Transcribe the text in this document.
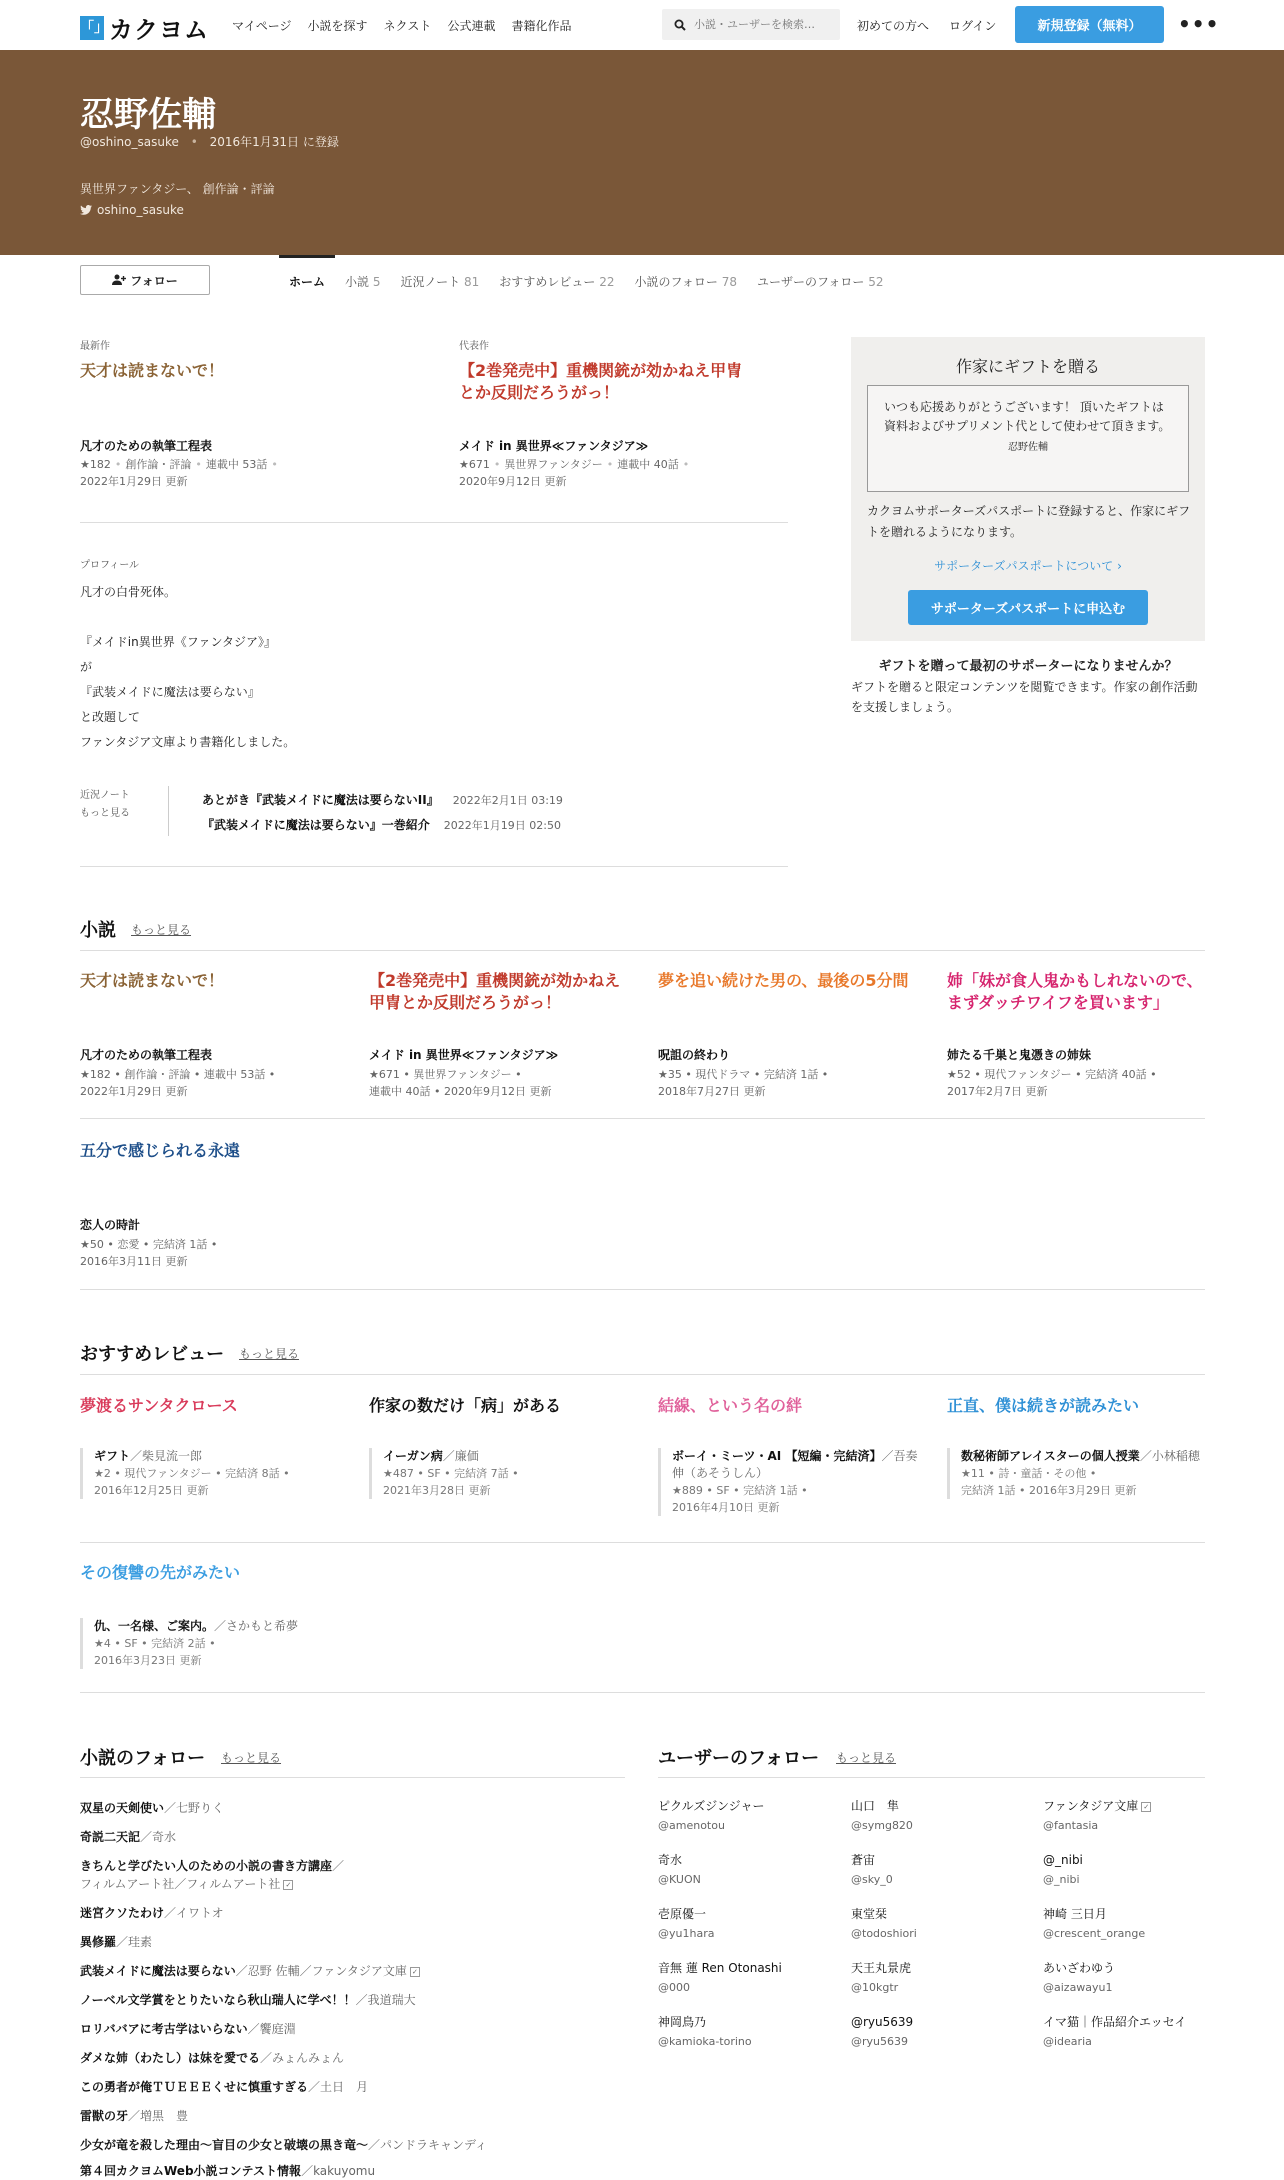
「」 カクヨム マイページ 小説を探す ネクスト 公式連載 書籍化作品
小説・ユーザーを検索…	初めての方へ ログイン	新規登録（無料）	•••
忍野佐輔
@oshino_sasuke • 2016年1月31日 に登録
異世界ファンタジー、 創作論・評論
oshino_sasuke
フォロー	ホーム	小説 5	近況ノート 81	おすすめレビュー 22	小説のフォロー 78	ユーザーのフォロー 52
最新作
天才は読まないで！
凡才のための執筆工程表
★182 • 創作論・評論 • 連載中 53話 •
2022年1月29日 更新
代表作
【2巻発売中】重機関銃が効かねえ甲冑
とか反則だろうがっ！
メイド in 異世界≪ファンタジア≫
★671 • 異世界ファンタジー • 連載中 40話 •
2020年9月12日 更新
プロフィール
凡才の白骨死体。
『メイドin異世界《ファンタジア》』
が
『武装メイドに魔法は要らない』
と改題して
ファンタジア文庫より書籍化しました。
近況ノート
もっと見る
あとがき『武装メイドに魔法は要らないII』 2022年2月1日 03:19
『武装メイドに魔法は要らない』一巻紹介 2022年1月19日 02:50
作家にギフトを贈る
いつも応援ありがとうございます！ 頂いたギフトは資料およびサプリメント代として使わせて頂きます。
忍野佐輔
カクヨムサポーターズパスポートに登録すると、作家にギフトを贈れるようになります。
サポーターズパスポートについて ›
サポーターズパスポートに申込む
ギフトを贈って最初のサポーターになりませんか？
ギフトを贈ると限定コンテンツを閲覧できます。作家の創作活動を支援しましょう。
小説 もっと見る
天才は読まないで！
凡才のための執筆工程表
★182 • 創作論・評論 • 連載中 53話 •
2022年1月29日 更新
【2巻発売中】重機関銃が効かねえ甲冑とか反則だろうがっ！
メイド in 異世界≪ファンタジア≫
★671 • 異世界ファンタジー •
連載中 40話 • 2020年9月12日 更新
夢を追い続けた男の、最後の5分間
呪詛の終わり
★35 • 現代ドラマ • 完結済 1話 •
2018年7月27日 更新
姉「妹が食人鬼かもしれないので、まずダッチワイフを買います」
姉たる千巣と鬼憑きの姉妹
★52 • 現代ファンタジー • 完結済 40話 •
2017年2月7日 更新
五分で感じられる永遠
恋人の時計
★50 • 恋愛 • 完結済 1話 •
2016年3月11日 更新
おすすめレビュー もっと見る
夢渡るサンタクロース
ギフト／柴見流一郎
★2 • 現代ファンタジー • 完結済 8話 •
2016年12月25日 更新
作家の数だけ「病」がある
イーガン病／廉価
★487 • SF • 完結済 7話 •
2021年3月28日 更新
結線、という名の絆
ボーイ・ミーツ・AI 【短編・完結済】／吾奏伸（あそうしん）
★889 • SF • 完結済 1話 •
2016年4月10日 更新
正直、僕は続きが読みたい
数秘術師アレイスターの個人授業／小林稲穂
★11 • 詩・童話・その他 •
完結済 1話 • 2016年3月29日 更新
その復讐の先がみたい
仇、一名様、ご案内。／さかもと希夢
★4 • SF • 完結済 2話 •
2016年3月23日 更新
小説のフォロー もっと見る
双星の天剣使い／七野りく
奇説二天記／奇水
きちんと学びたい人のための小説の書き方講座／
フィルムアート社／フィルムアート社 ✓
迷宮クソたわけ／イワトオ
異修羅／珪素
武装メイドに魔法は要らない／忍野 佐輔／ファンタジア文庫 ✓
ノーベル文学賞をとりたいなら秋山瑞人に学べ！！／我道瑞大
ロリババアに考古学はいらない／饗庭淵
ダメな姉（わたし）は妹を愛でる／みょんみょん
この勇者が俺ＴＵＥＥＥくせに慎重すぎる／土日　月
雷獣の牙／増黒　豊
少女が竜を殺した理由〜盲目の少女と破壊の黒き竜〜／パンドラキャンディ
第４回カクヨムWeb小説コンテスト情報／kakuyomu
ユーザーのフォロー もっと見る
ピクルズジンジャー
@amenotou
山口　隼
@symg820
ファンタジア文庫 ✓
@fantasia
奇水
@KUON
蒼宙
@sky_0
@_nibi
@_nibi
壱原優一
@yu1hara
東堂栞
@todoshiori
神崎 三日月
@crescent_orange
音無 蓮 Ren Otonashi
@000
天王丸景虎
@10kgtr
あいざわゆう
@aizawayu1
神岡鳥乃
@kamioka-torino
@ryu5639
@ryu5639
イマ猫｜作品紹介エッセイ
@idearia
